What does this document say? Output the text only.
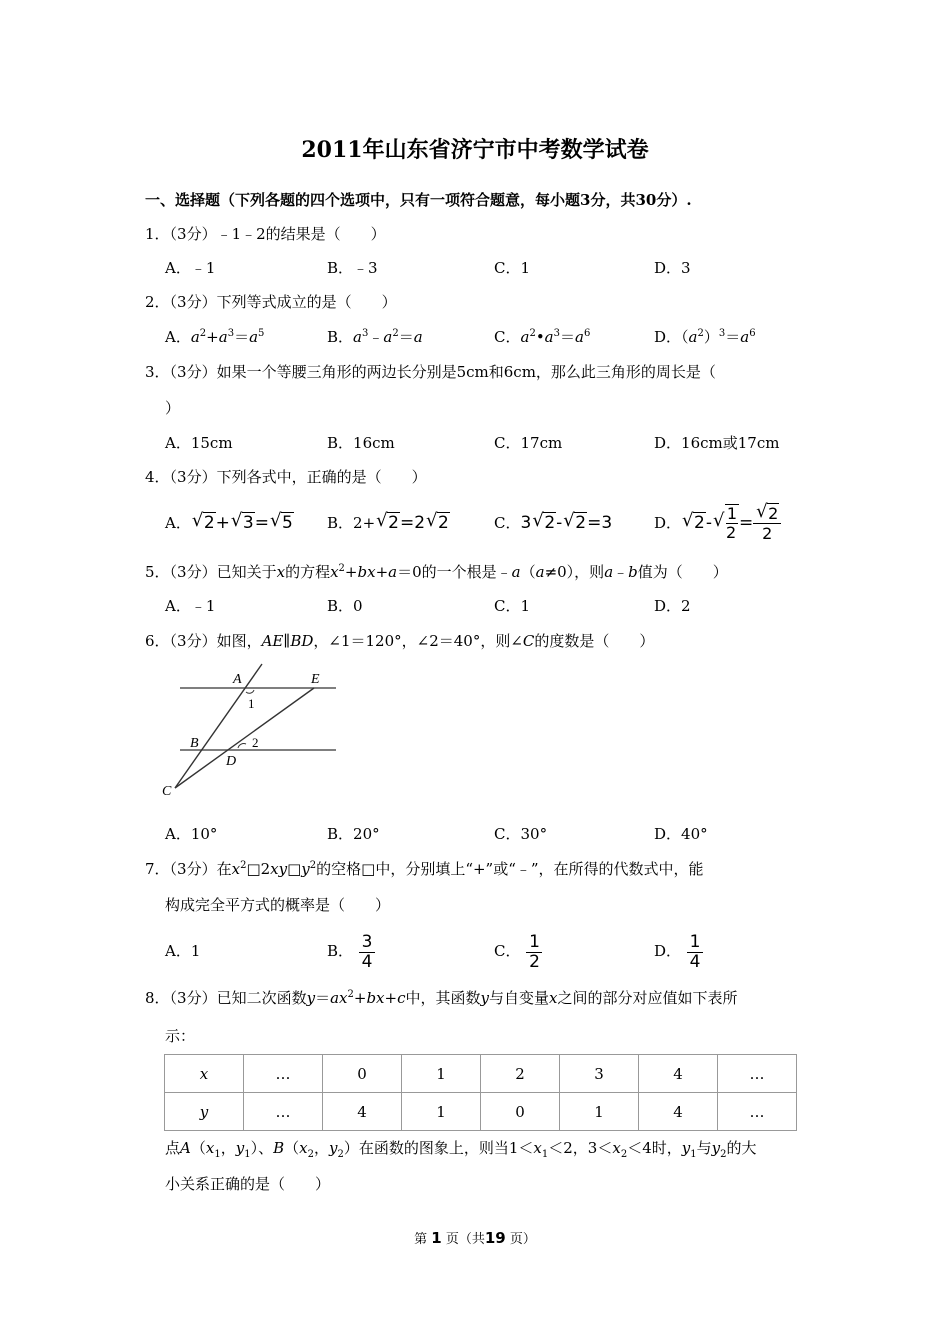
2011年山东省济宁市中考数学试卷
一、选择题（下列各题的四个选项中，只有一项符合题意，每小题3分，共30分）.
1．（3分）﹣1﹣2的结果是（　　）
A．﹣1	B．﹣3	C．1	D．3
2．（3分）下列等式成立的是（　　）
A．$a^2+a^3=a^5$	B．$a^3﹣a^2=a$	C．$a^2•a^3=a^6$	D．$(a^2)^3=a^6$
3．（3分）如果一个等腰三角形的两边长分别是5cm和6cm，那么此三角形的周长是（
）
A．15cm	B．16cm	C．17cm	D．16cm或17cm
4．（3分）下列各式中，正确的是（　　）
A． √ 2+ √ 3= √ 5 B．2+ √ 2=2 √ 2	C．3 √ 2- √ 2=3	D． √ 2- √ 1
2 = √ $\frac{2}{2}$
5．（3分）已知关于x的方程$x^2+bx+a=0$的一个根是﹣a（a≠0），则a﹣b值为（　　）
A．﹣1	B．0	C．1	D．2
6．（3分）如图，AE∥BD，∠1＝120°，∠2＝40°，则∠C的度数是（　　）
A	E
1
B	2
D
C
A．10°	B．20°	C．30°	D．40°
7．（3分）在$x^2□2xy□y^2$的空格□中，分别填上“+”或“﹣”，在所得的代数式中，能
构成完全平方式的概率是（　　）
A．1	B． $\frac{3}{4}$	C． $\frac{1}{2}$	D． $\frac{1}{4}$
8．（3分）已知二次函数$y=ax^2+bx+c$中，其函数y与自变量x之间的部分对应值如下表所
示：
x	…	0	1	2	3	4	…
y	…	4	1	0	1	4	…
点$A(x_1$，$y_1$）、$B(x_2$，$y_2$）在函数的图象上，则当$1<x_1<2$，$3<x_2<4$时，$y_1$与$y_2$的大
小关系正确的是（　　）
第 1 页（共19 页）
